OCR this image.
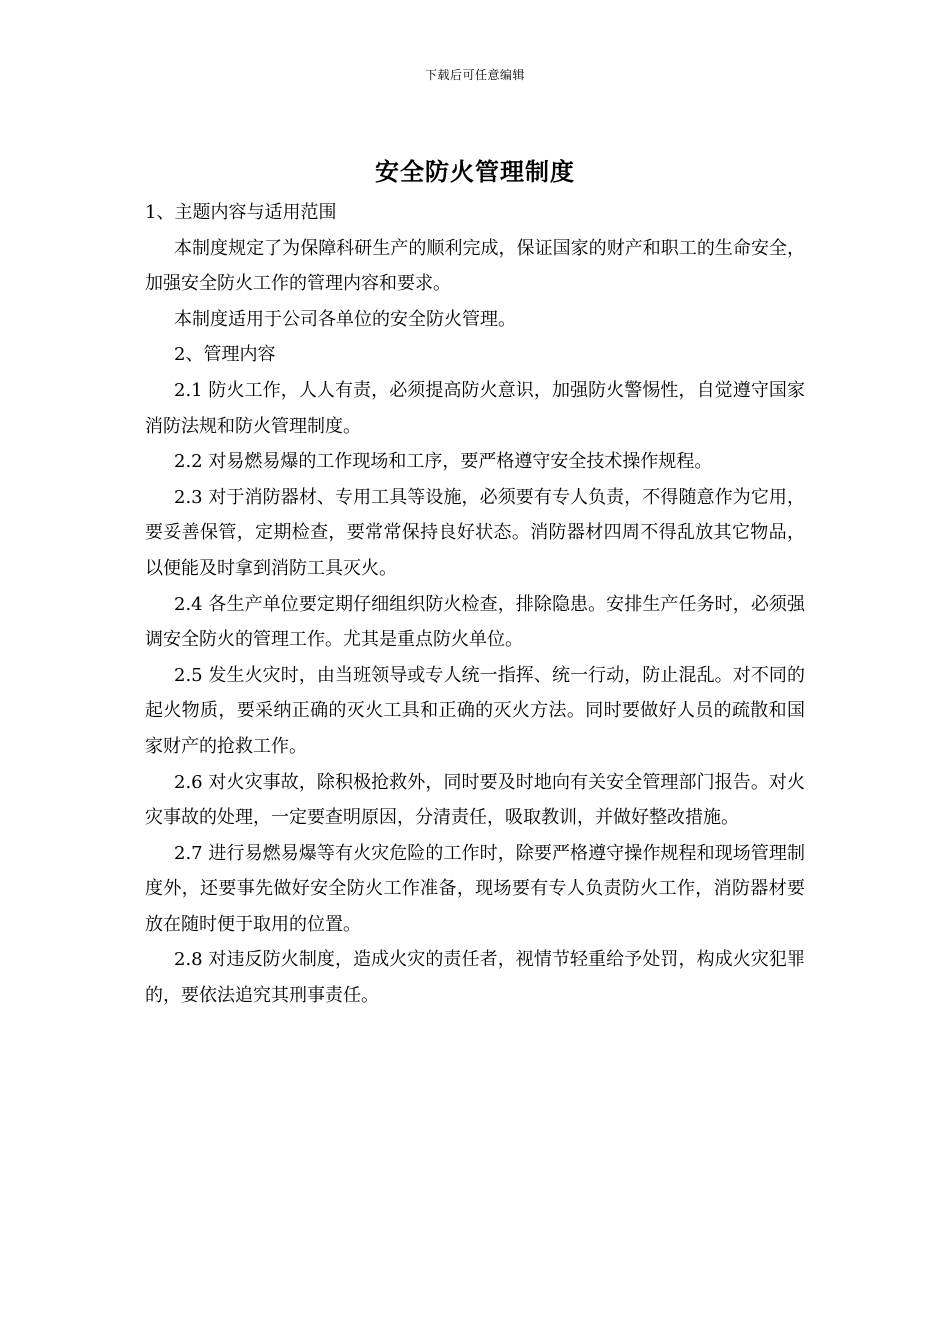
下载后可任意编辑
安全防火管理制度

1、主题内容与适用范围

本制度规定了为保障科研生产的顺利完成，保证国家的财产和职工的生命安全，加强安全防火工作的管理内容和要求。

本制度适用于公司各单位的安全防火管理。

2、管理内容

2.1 防火工作，人人有责，必须提高防火意识，加强防火警惕性，自觉遵守国家消防法规和防火管理制度。

2.2 对易燃易爆的工作现场和工序，要严格遵守安全技术操作规程。

2.3 对于消防器材、专用工具等设施，必须要有专人负责，不得随意作为它用，要妥善保管，定期检查，要常常保持良好状态。消防器材四周不得乱放其它物品，以便能及时拿到消防工具灭火。

2.4 各生产单位要定期仔细组织防火检查，排除隐患。安排生产任务时，必须强调安全防火的管理工作。尤其是重点防火单位。

2.5 发生火灾时，由当班领导或专人统一指挥、统一行动，防止混乱。对不同的起火物质，要采纳正确的灭火工具和正确的灭火方法。同时要做好人员的疏散和国家财产的抢救工作。

2.6 对火灾事故，除积极抢救外，同时要及时地向有关安全管理部门报告。对火灾事故的处理，一定要查明原因，分清责任，吸取教训，并做好整改措施。

2.7 进行易燃易爆等有火灾危险的工作时，除要严格遵守操作规程和现场管理制度外，还要事先做好安全防火工作准备，现场要有专人负责防火工作，消防器材要放在随时便于取用的位置。

2.8 对违反防火制度，造成火灾的责任者，视情节轻重给予处罚，构成火灾犯罪的，要依法追究其刑事责任。
